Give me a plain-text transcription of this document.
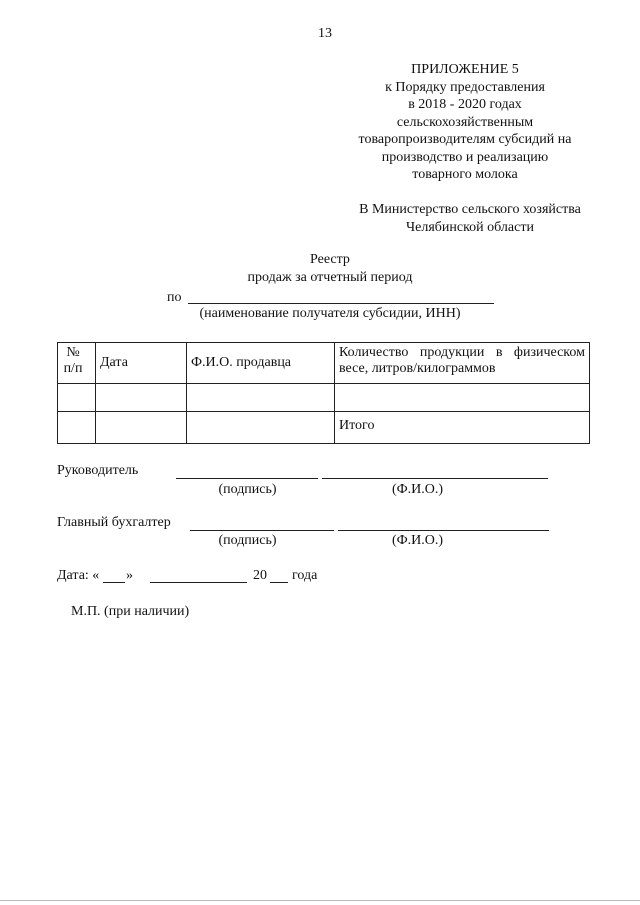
13
ПРИЛОЖЕНИЕ 5
к Порядку предоставления
в 2018 - 2020 годах
сельскохозяйственным
товаропроизводителям субсидий на
производство и реализацию
товарного молока
В Министерство сельского хозяйства
Челябинской области
Реестр
продаж за отчетный период
по
(наименование получателя субсидии, ИНН)
№ п/п	Дата	Ф.И.О. продавца	Количество продукции в физическом весе, литров/килограммов

			Итого
Руководитель
(подпись)	(Ф.И.О.)
Главный бухгалтер
(подпись)	(Ф.И.О.)
Дата: « »	20 года
М.П. (при наличии)
